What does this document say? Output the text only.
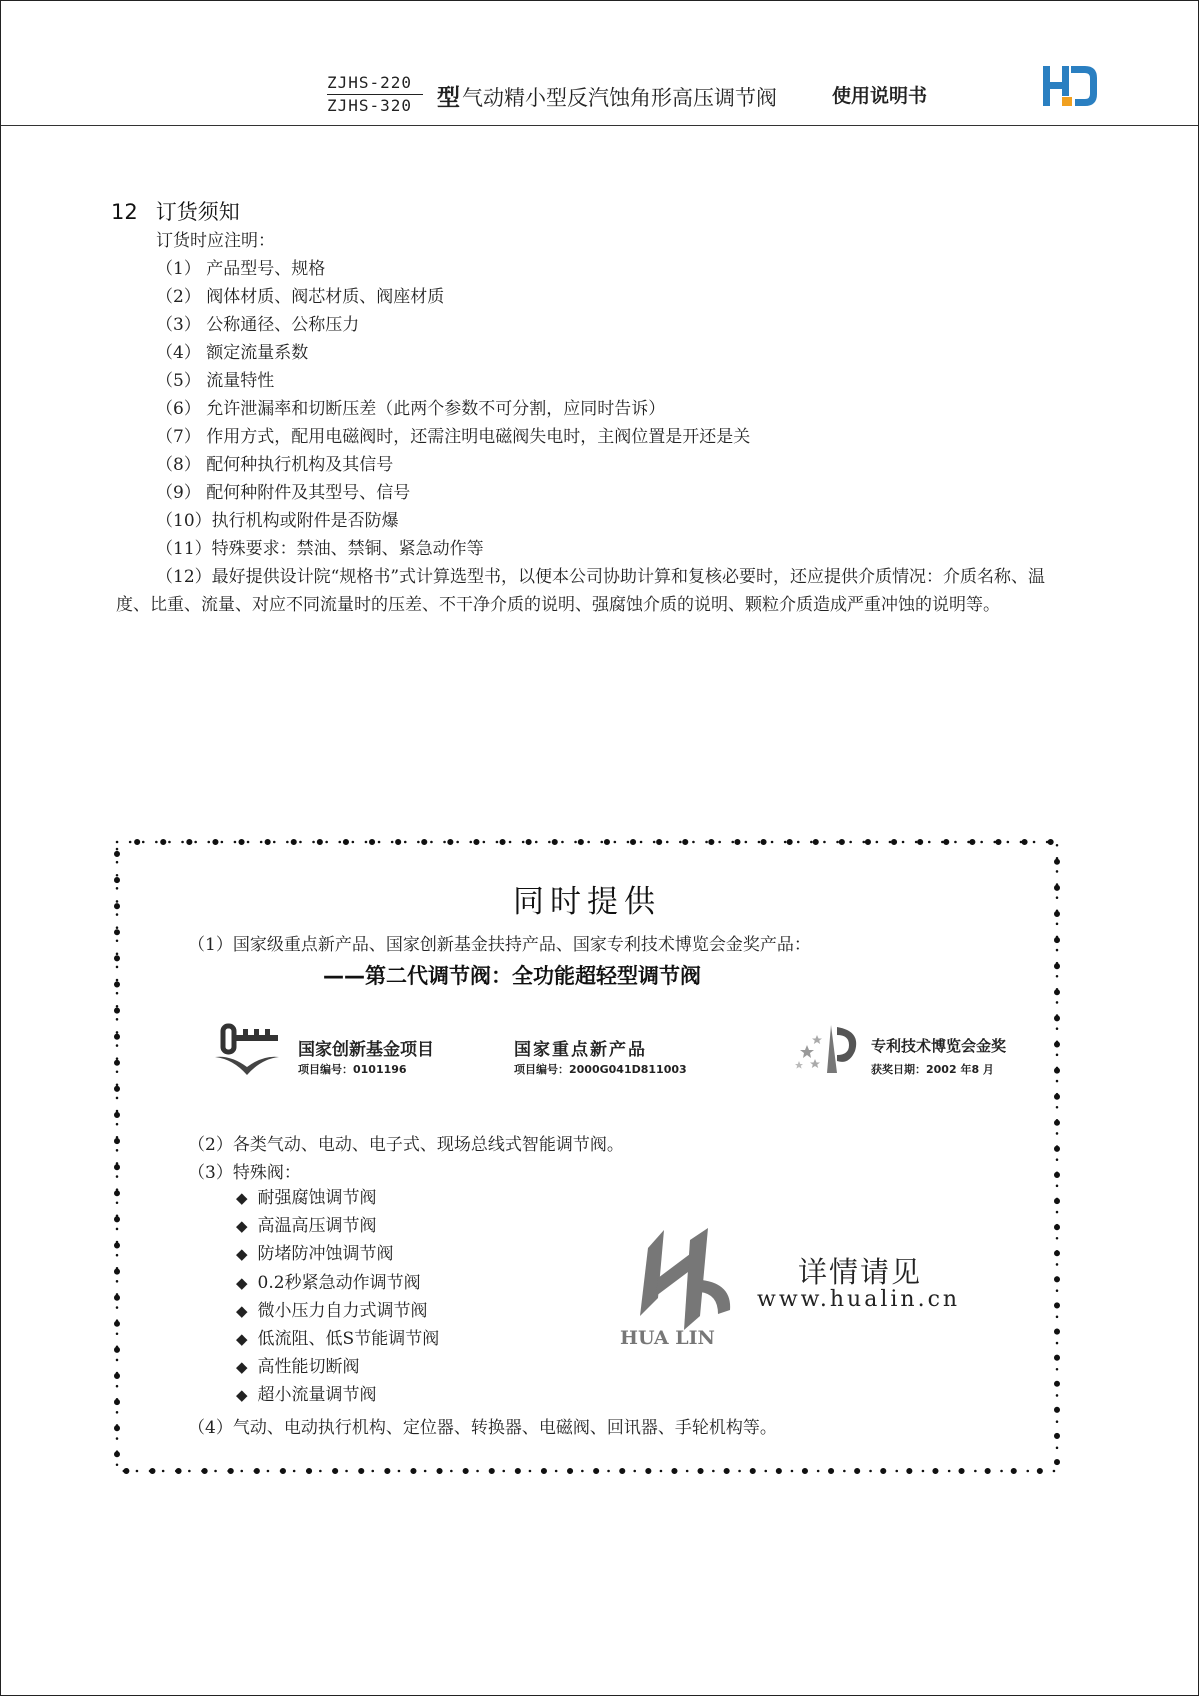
ZJHS-220
ZJHS-320	型气动精小型反汽蚀角形高压调节阀	使用说明书
12 订货须知
订货时应注明：
（1） 产品型号、规格
（2） 阀体材质、阀芯材质、阀座材质
（3） 公称通径、公称压力
（4） 额定流量系数
（5） 流量特性
（6） 允许泄漏率和切断压差（此两个参数不可分割，应同时告诉）
（7） 作用方式，配用电磁阀时，还需注明电磁阀失电时，主阀位置是开还是关
（8） 配何种执行机构及其信号
（9） 配何种附件及其型号、信号
（10）执行机构或附件是否防爆
（11）特殊要求：禁油、禁铜、紧急动作等
（12）最好提供设计院“规格书”式计算选型书，以便本公司协助计算和复核必要时，还应提供介质情况：介质名称、温度、比重、流量、对应不同流量时的压差、不干净介质的说明、强腐蚀介质的说明、颗粒介质造成严重冲蚀的说明等。
同时提供
（1）国家级重点新产品、国家创新基金扶持产品、国家专利技术博览会金奖产品：
——第二代调节阀：全功能超轻型调节阀
国家创新基金项目
项目编号：0101196
国家重点新产品
项目编号：2000G041D811003
专利技术博览会金奖
获奖日期：2002 年8 月
（2）各类气动、电动、电子式、现场总线式智能调节阀。
（3）特殊阀：
◆ 耐强腐蚀调节阀
◆ 高温高压调节阀
◆ 防堵防冲蚀调节阀
◆ 0.2秒紧急动作调节阀
◆ 微小压力自力式调节阀
◆ 低流阻、低S节能调节阀
◆ 高性能切断阀
◆ 超小流量调节阀
HUA LIN
详情请见
www.hualin.cn
（4）气动、电动执行机构、定位器、转换器、电磁阀、回讯器、手轮机构等。
